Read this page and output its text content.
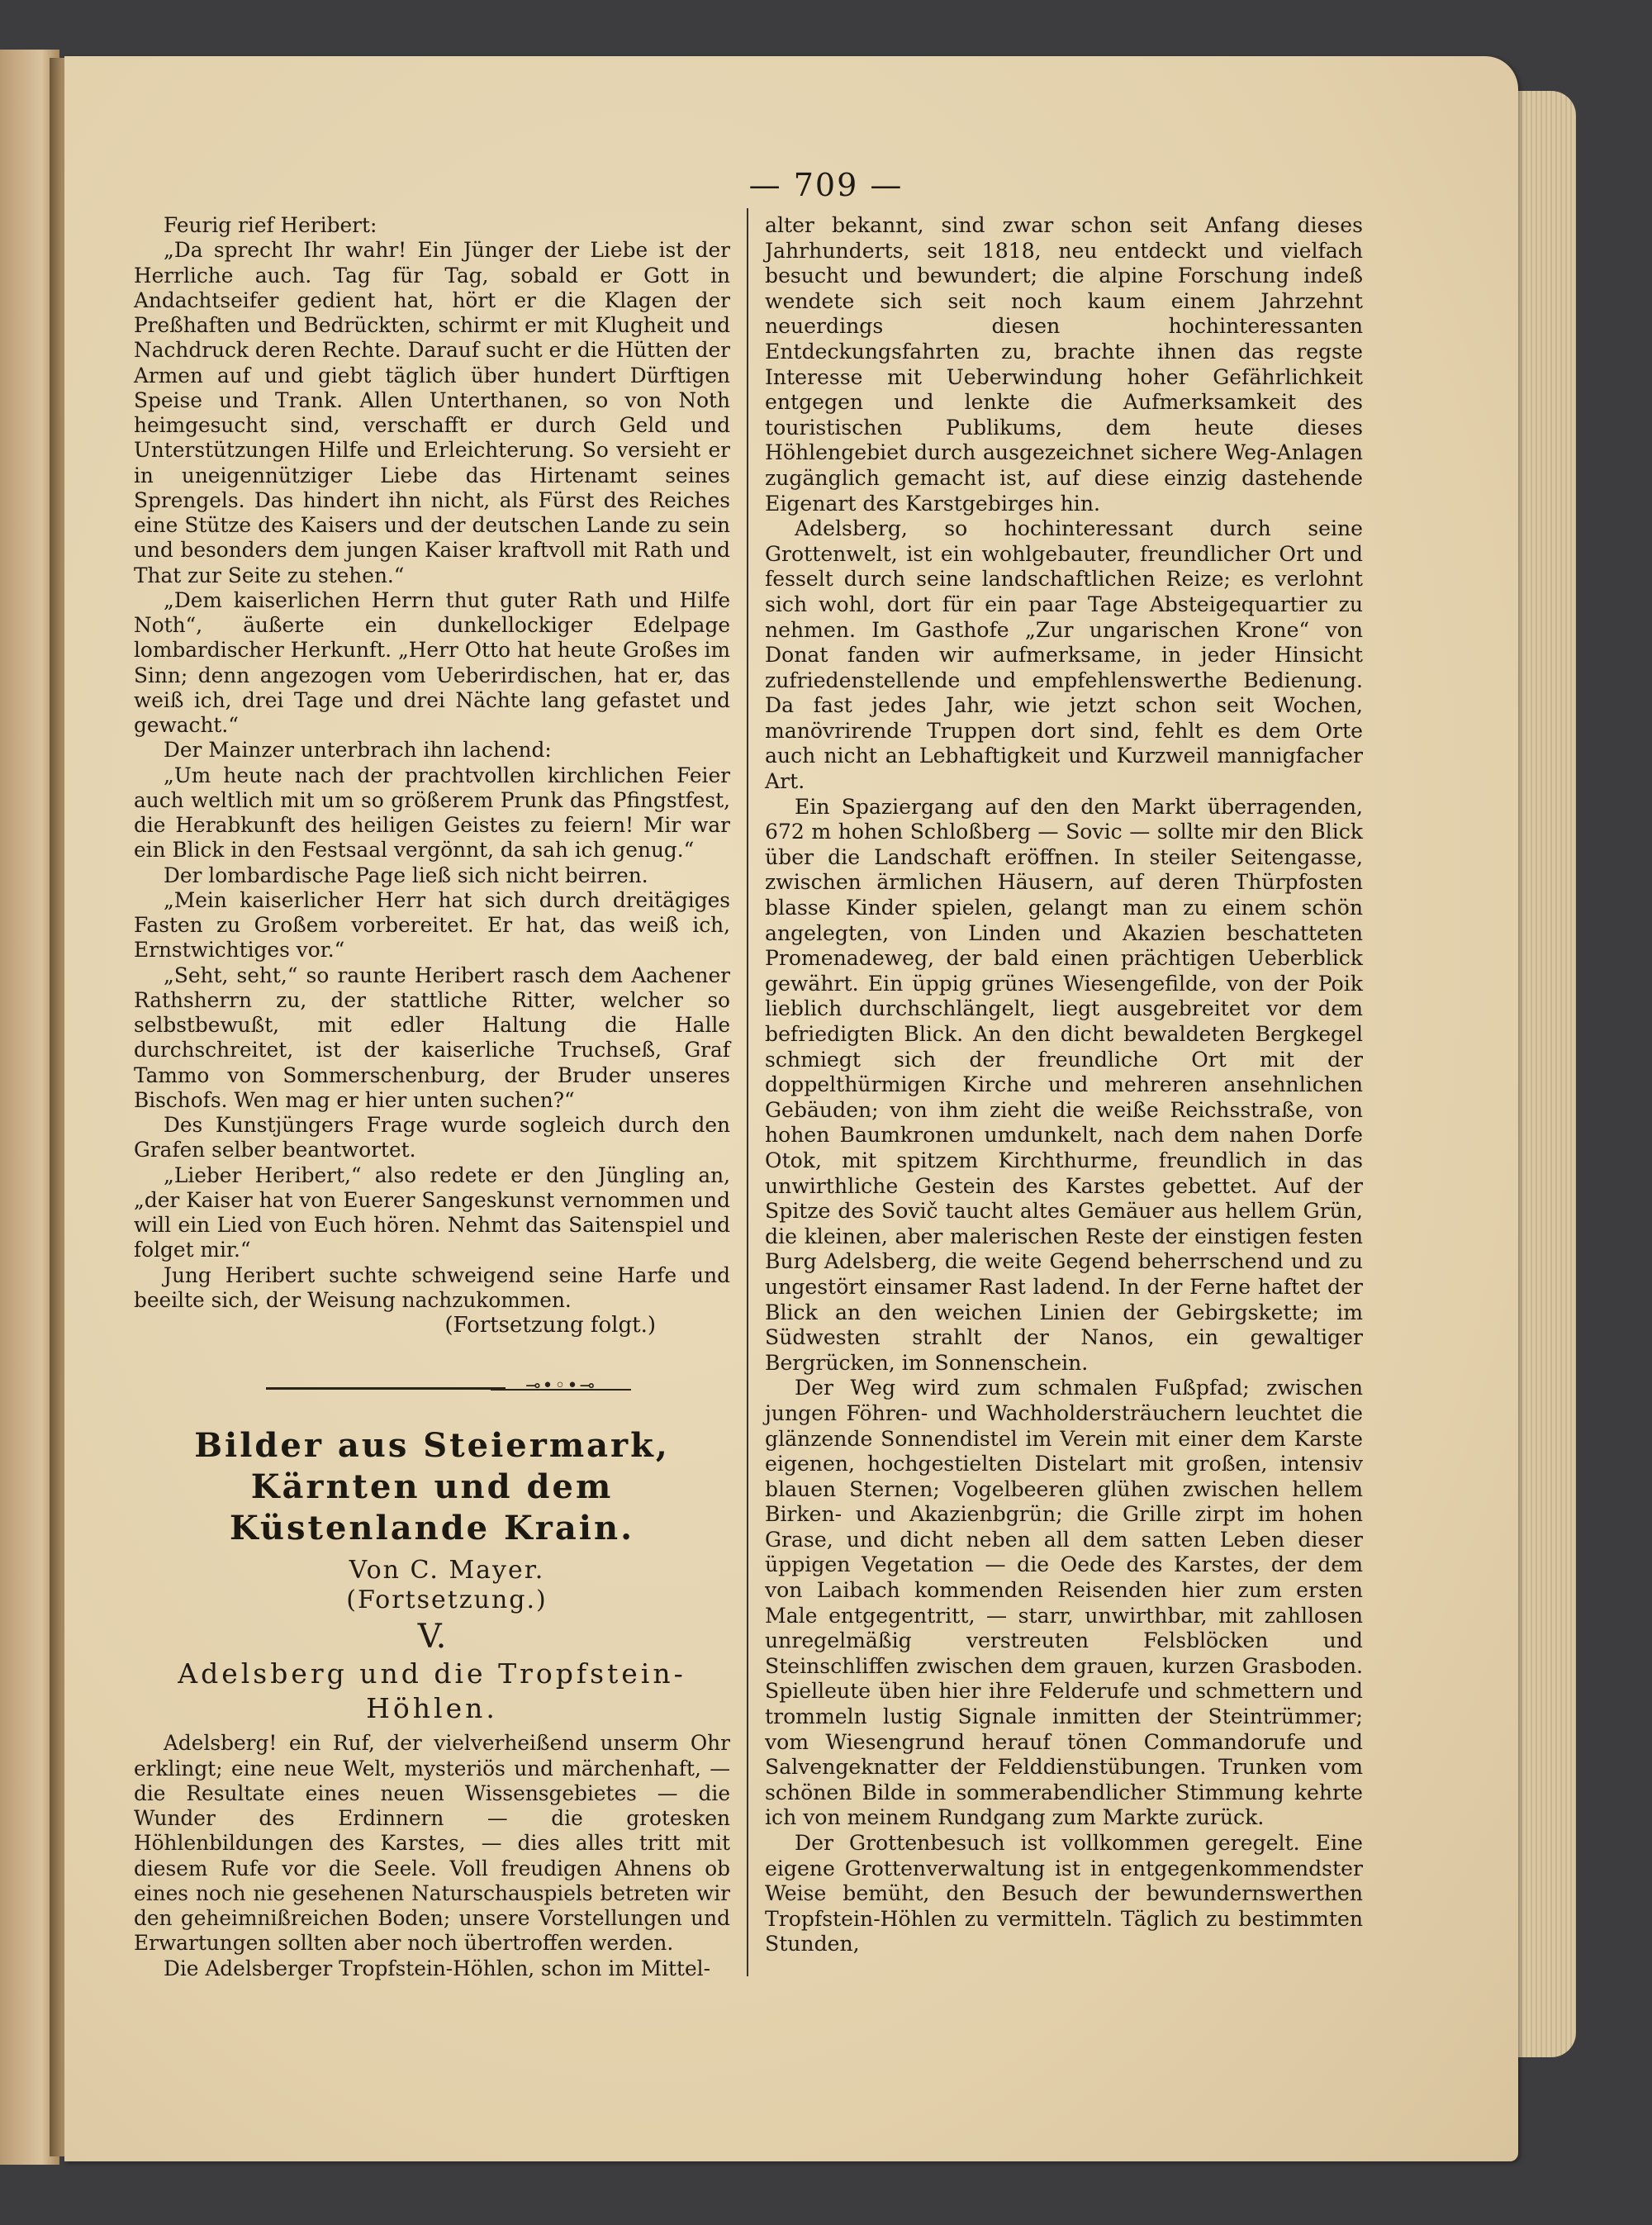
— 709 —

Feurig rief Heribert:

„Da sprecht Ihr wahr! Ein Jünger der Liebe ist der Herrliche auch. Tag für Tag, sobald er Gott in Andachtseifer gedient hat, hört er die Klagen der Preßhaften und Bedrückten, schirmt er mit Klugheit und Nachdruck deren Rechte. Darauf sucht er die Hütten der Armen auf und giebt täglich über hundert Dürftigen Speise und Trank. Allen Unterthanen, so von Noth heimgesucht sind, verschafft er durch Geld und Unterstützungen Hilfe und Erleichterung. So versieht er in uneigennütziger Liebe das Hirtenamt seines Sprengels. Das hindert ihn nicht, als Fürst des Reiches eine Stütze des Kaisers und der deutschen Lande zu sein und besonders dem jungen Kaiser kraftvoll mit Rath und That zur Seite zu stehen.“

„Dem kaiserlichen Herrn thut guter Rath und Hilfe Noth“, äußerte ein dunkellockiger Edelpage lombardischer Herkunft. „Herr Otto hat heute Großes im Sinn; denn angezogen vom Ueberirdischen, hat er, das weiß ich, drei Tage und drei Nächte lang gefastet und gewacht.“

Der Mainzer unterbrach ihn lachend:

„Um heute nach der prachtvollen kirchlichen Feier auch weltlich mit um so größerem Prunk das Pfingstfest, die Herabkunft des heiligen Geistes zu feiern! Mir war ein Blick in den Festsaal vergönnt, da sah ich genug.“

Der lombardische Page ließ sich nicht beirren.

„Mein kaiserlicher Herr hat sich durch dreitägiges Fasten zu Großem vorbereitet. Er hat, das weiß ich, Ernstwichtiges vor.“

„Seht, seht,“ so raunte Heribert rasch dem Aachener Rathsherrn zu, der stattliche Ritter, welcher so selbstbewußt, mit edler Haltung die Halle durchschreitet, ist der kaiserliche Truchseß, Graf Tammo von Sommerschenburg, der Bruder unseres Bischofs. Wen mag er hier unten suchen?“

Des Kunstjüngers Frage wurde sogleich durch den Grafen selber beantwortet.

„Lieber Heribert,“ also redete er den Jüngling an, „der Kaiser hat von Euerer Sangeskunst vernommen und will ein Lied von Euch hören. Nehmt das Saitenspiel und folget mir.“

Jung Heribert suchte schweigend seine Harfe und beeilte sich, der Weisung nachzukommen.

(Fortsetzung folgt.)

⊸•◦•⊸
Bilder aus Steiermark, Kärnten und dem Küstenlande Krain.

Von C. Mayer.

(Fortsetzung.)

V.
Adelsberg und die Tropfstein-Höhlen.

Adelsberg! ein Ruf, der vielverheißend unserm Ohr erklingt; eine neue Welt, mysteriös und märchenhaft, — die Resultate eines neuen Wissensgebietes — die Wunder des Erdinnern — die grotesken Höhlenbildungen des Karstes, — dies alles tritt mit diesem Rufe vor die Seele. Voll freudigen Ahnens ob eines noch nie gesehenen Naturschauspiels betreten wir den geheimnißreichen Boden; unsere Vorstellungen und Erwartungen sollten aber noch übertroffen werden.

Die Adelsberger Tropfstein-Höhlen, schon im Mittel-

alter bekannt, sind zwar schon seit Anfang dieses Jahrhunderts, seit 1818, neu entdeckt und vielfach besucht und bewundert; die alpine Forschung indeß wendete sich seit noch kaum einem Jahrzehnt neuerdings diesen hochinteressanten Entdeckungsfahrten zu, brachte ihnen das regste Interesse mit Ueberwindung hoher Gefährlichkeit entgegen und lenkte die Aufmerksamkeit des touristischen Publikums, dem heute dieses Höhlengebiet durch ausgezeichnet sichere Weg-Anlagen zugänglich gemacht ist, auf diese einzig dastehende Eigenart des Karstgebirges hin.

Adelsberg, so hochinteressant durch seine Grottenwelt, ist ein wohlgebauter, freundlicher Ort und fesselt durch seine landschaftlichen Reize; es verlohnt sich wohl, dort für ein paar Tage Absteigequartier zu nehmen. Im Gasthofe „Zur ungarischen Krone“ von Donat fanden wir aufmerksame, in jeder Hinsicht zufriedenstellende und empfehlenswerthe Bedienung. Da fast jedes Jahr, wie jetzt schon seit Wochen, manövrirende Truppen dort sind, fehlt es dem Orte auch nicht an Lebhaftigkeit und Kurzweil mannigfacher Art.

Ein Spaziergang auf den den Markt überragenden, 672 m hohen Schloßberg — Sovic — sollte mir den Blick über die Landschaft eröffnen. In steiler Seitengasse, zwischen ärmlichen Häusern, auf deren Thürpfosten blasse Kinder spielen, gelangt man zu einem schön angelegten, von Linden und Akazien beschatteten Promenadeweg, der bald einen prächtigen Ueberblick gewährt. Ein üppig grünes Wiesengefilde, von der Poik lieblich durchschlängelt, liegt ausgebreitet vor dem befriedigten Blick. An den dicht bewaldeten Bergkegel schmiegt sich der freundliche Ort mit der doppelthürmigen Kirche und mehreren ansehnlichen Gebäuden; von ihm zieht die weiße Reichsstraße, von hohen Baumkronen umdunkelt, nach dem nahen Dorfe Otok, mit spitzem Kirchthurme, freundlich in das unwirthliche Gestein des Karstes gebettet. Auf der Spitze des Sovič taucht altes Gemäuer aus hellem Grün, die kleinen, aber malerischen Reste der einstigen festen Burg Adelsberg, die weite Gegend beherrschend und zu ungestört einsamer Rast ladend. In der Ferne haftet der Blick an den weichen Linien der Gebirgskette; im Südwesten strahlt der Nanos, ein gewaltiger Bergrücken, im Sonnenschein.

Der Weg wird zum schmalen Fußpfad; zwischen jungen Föhren- und Wachholdersträuchern leuchtet die glänzende Sonnendistel im Verein mit einer dem Karste eigenen, hochgestielten Distelart mit großen, intensiv blauen Sternen; Vogelbeeren glühen zwischen hellem Birken- und Akazienbgrün; die Grille zirpt im hohen Grase, und dicht neben all dem satten Leben dieser üppigen Vegetation — die Oede des Karstes, der dem von Laibach kommenden Reisenden hier zum ersten Male entgegentritt, — starr, unwirthbar, mit zahllosen unregelmäßig verstreuten Felsblöcken und Steinschliffen zwischen dem grauen, kurzen Grasboden. Spielleute üben hier ihre Felderufe und schmettern und trommeln lustig Signale inmitten der Steintrümmer; vom Wiesengrund herauf tönen Commandorufe und Salvengeknatter der Felddienstübungen. Trunken vom schönen Bilde in sommerabendlicher Stimmung kehrte ich von meinem Rundgang zum Markte zurück.

Der Grottenbesuch ist vollkommen geregelt. Eine eigene Grottenverwaltung ist in entgegenkommendster Weise bemüht, den Besuch der bewundernswerthen Tropfstein-Höhlen zu vermitteln. Täglich zu bestimmten Stunden,
